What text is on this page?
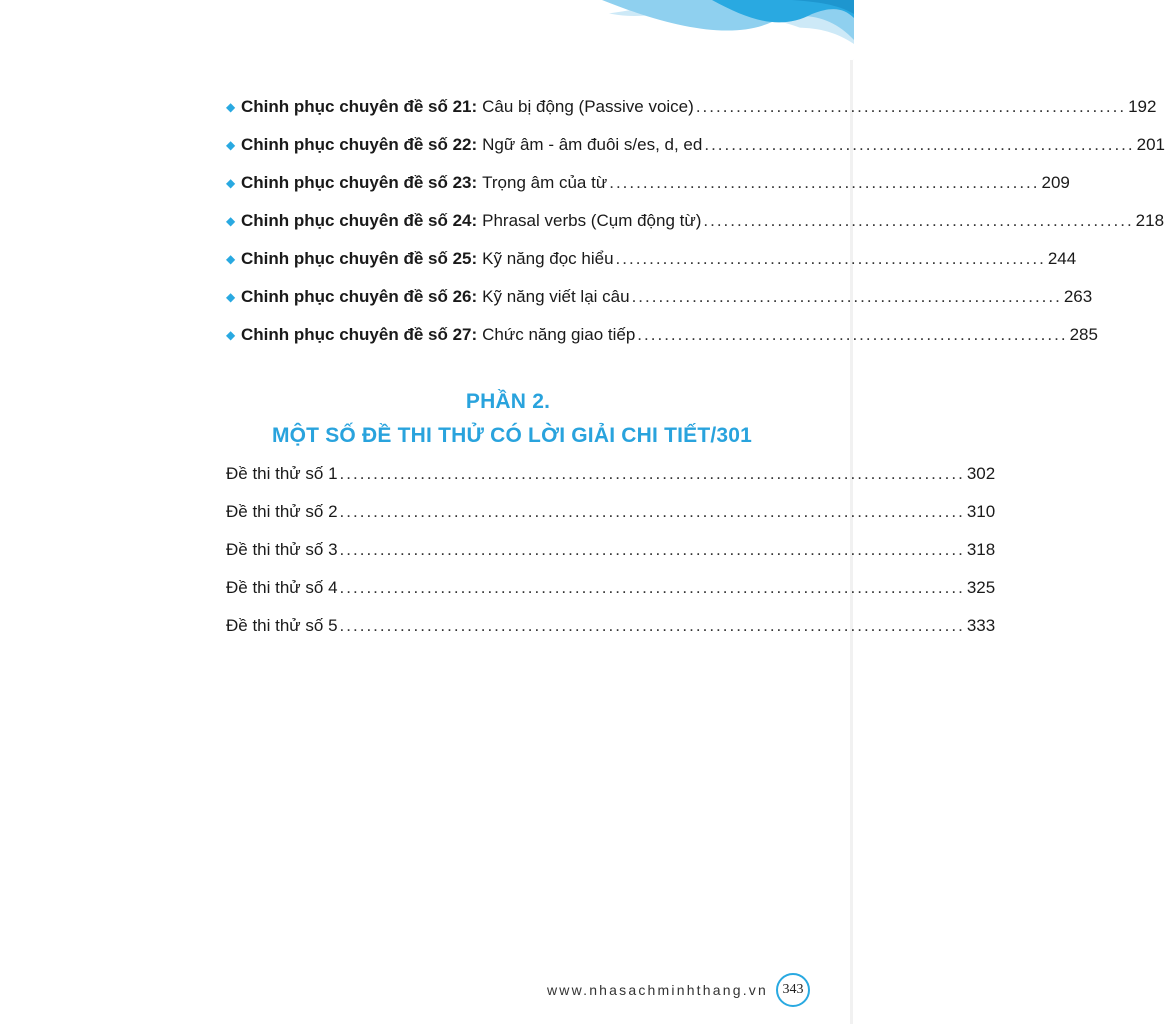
◆ Chinh phục chuyên đề số 21: Câu bị động (Passive voice) ................................................................ 192
◆ Chinh phục chuyên đề số 22: Ngữ âm - âm đuôi s/es, d, ed ................................................................ 201
◆ Chinh phục chuyên đề số 23: Trọng âm của từ ................................................................ 209
◆ Chinh phục chuyên đề số 24: Phrasal verbs (Cụm động từ) ................................................................ 218
◆ Chinh phục chuyên đề số 25: Kỹ năng đọc hiểu ................................................................ 244
◆ Chinh phục chuyên đề số 26: Kỹ năng viết lại câu ................................................................ 263
◆ Chinh phục chuyên đề số 27: Chức năng giao tiếp ................................................................ 285
Đề thi thử số 1 ............................................................................................. 302
Đề thi thử số 2 ............................................................................................. 310
Đề thi thử số 3 ............................................................................................. 318
Đề thi thử số 4 ............................................................................................. 325
Đề thi thử số 5 ............................................................................................. 333
PHẦN 2.
MỘT SỐ ĐỀ THI THỬ CÓ LỜI GIẢI CHI TIẾT/301
www.nhasachminhthang.vn	343
